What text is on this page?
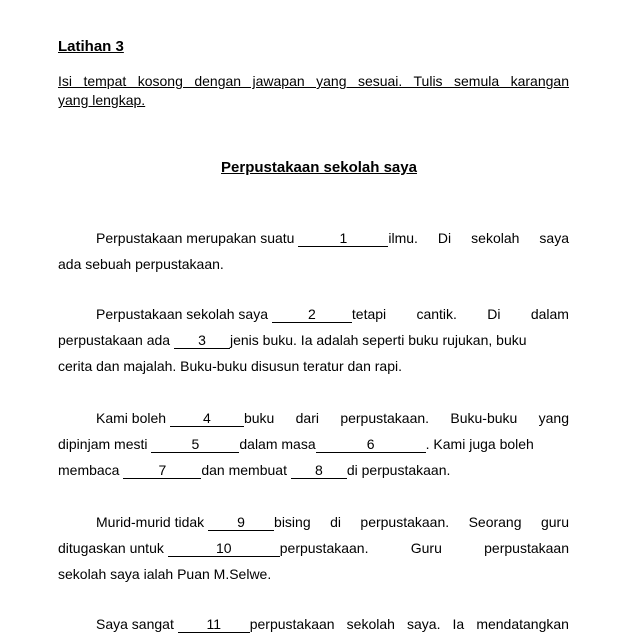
Latihan 3

Isi tempat kosong dengan jawapan yang sesuai. Tulis semula karangan
yang lengkap.

Perpustakaan sekolah saya

Perpustakaan merupakan suatu	1	ilmu. Di sekolah saya
ada sebuah perpustakaan.
Perpustakaan sekolah saya	2	tetapi cantik. Di dalam
perpustakaan ada 3 jenis buku. Ia adalah seperti buku rujukan, buku
cerita dan majalah. Buku-buku disusun teratur dan rapi.
Kami boleh	4	buku dari perpustakaan. Buku-buku yang
dipinjam mesti	5	dalam masa	6	. Kami juga boleh
membaca	7	dan membuat 8 di perpustakaan.
Murid-murid tidak	9	bising di perpustakaan. Seorang guru
ditugaskan untuk	10	perpustakaan.	Guru	perpustakaan
sekolah saya ialah Puan M.Selwe.
Saya sangat	11	perpustakaan sekolah saya. Ia mendatangkan
